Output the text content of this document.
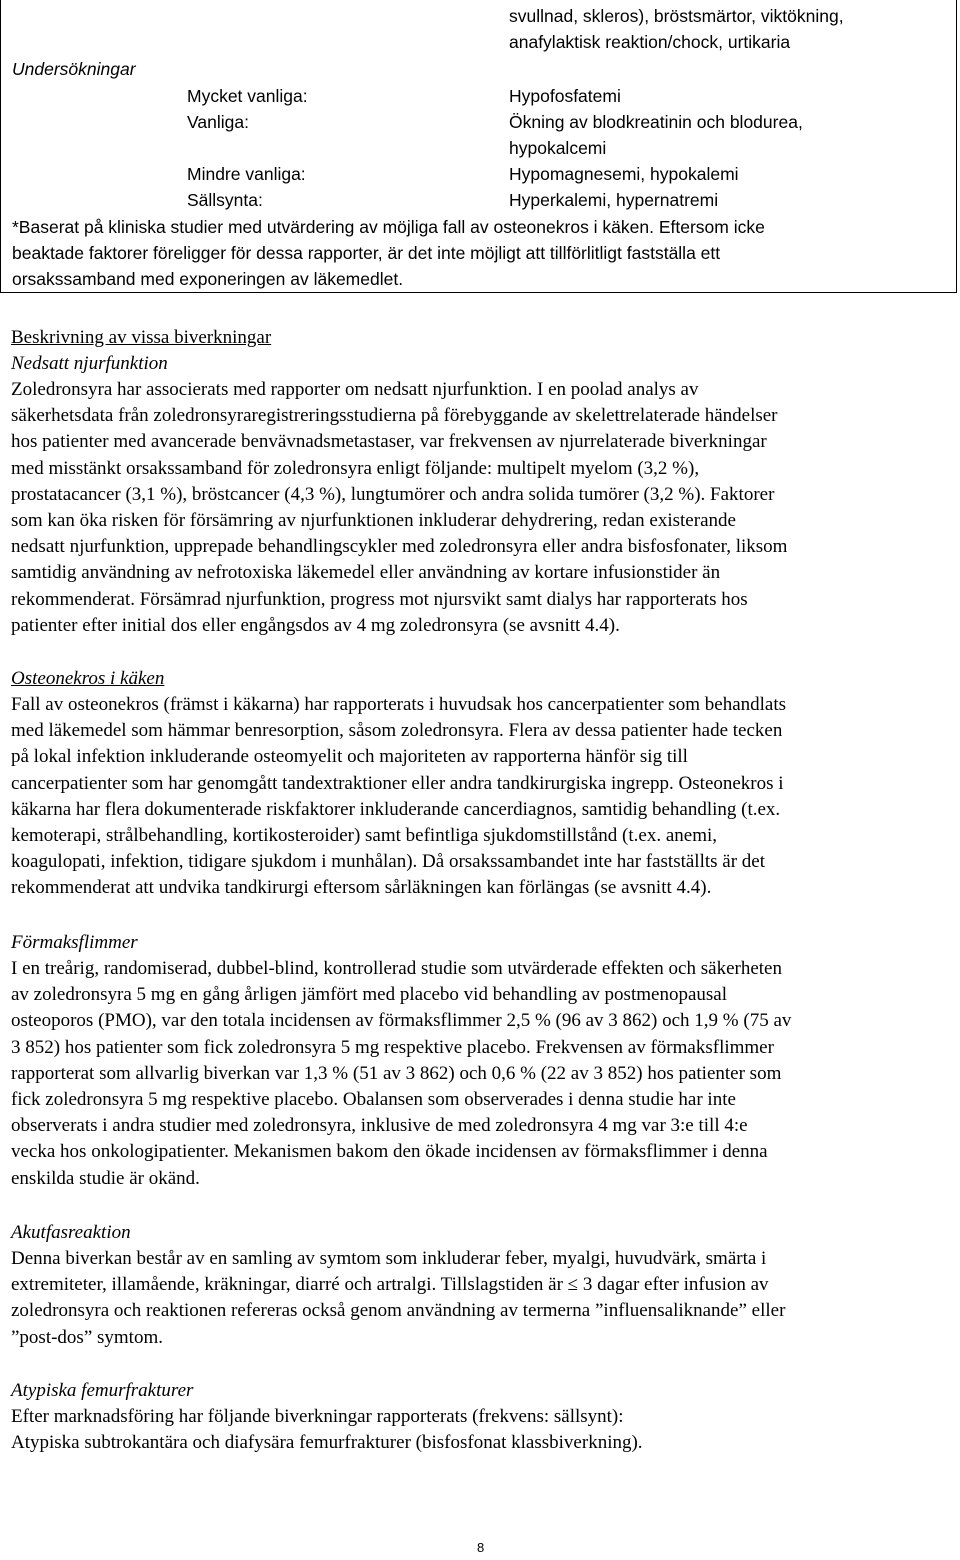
svullnad, skleros), bröstsmärtor, viktökning,
anafylaktisk reaktion/chock, urtikaria
Undersökningar
Mycket vanliga:	Hypofosfatemi
Vanliga:	Ökning av blodkreatinin och blodurea,
hypokalcemi
Mindre vanliga:	Hypomagnesemi, hypokalemi
Sällsynta:	Hyperkalemi, hypernatremi
*Baserat på kliniska studier med utvärdering av möjliga fall av osteonekros i käken. Eftersom icke
beaktade faktorer föreligger för dessa rapporter, är det inte möjligt att tillförlitligt fastställa ett
orsakssamband med exponeringen av läkemedlet.
Beskrivning av vissa biverkningar
Nedsatt njurfunktion
Zoledronsyra har associerats med rapporter om nedsatt njurfunktion. I en poolad analys av
säkerhetsdata från zoledronsyraregistreringsstudierna på förebyggande av skelettrelaterade händelser
hos patienter med avancerade benvävnadsmetastaser, var frekvensen av njurrelaterade biverkningar
med misstänkt orsakssamband för zoledronsyra enligt följande: multipelt myelom (3,2 %),
prostatacancer (3,1 %), bröstcancer (4,3 %), lungtumörer och andra solida tumörer (3,2 %). Faktorer
som kan öka risken för försämring av njurfunktionen inkluderar dehydrering, redan existerande
nedsatt njurfunktion, upprepade behandlingscykler med zoledronsyra eller andra bisfosfonater, liksom
samtidig användning av nefrotoxiska läkemedel eller användning av kortare infusionstider än
rekommenderat. Försämrad njurfunktion, progress mot njursvikt samt dialys har rapporterats hos
patienter efter initial dos eller engångsdos av 4 mg zoledronsyra (se avsnitt 4.4).
Osteonekros i käken
Fall av osteonekros (främst i käkarna) har rapporterats i huvudsak hos cancerpatienter som behandlats
med läkemedel som hämmar benresorption, såsom zoledronsyra. Flera av dessa patienter hade tecken
på lokal infektion inkluderande osteomyelit och majoriteten av rapporterna hänför sig till
cancerpatienter som har genomgått tandextraktioner eller andra tandkirurgiska ingrepp. Osteonekros i
käkarna har flera dokumenterade riskfaktorer inkluderande cancerdiagnos, samtidig behandling (t.ex.
kemoterapi, strålbehandling, kortikosteroider) samt befintliga sjukdomstillstånd (t.ex. anemi,
koagulopati, infektion, tidigare sjukdom i munhålan). Då orsakssambandet inte har fastställts är det
rekommenderat att undvika tandkirurgi eftersom sårläkningen kan förlängas (se avsnitt 4.4).
Förmaksflimmer
I en treårig, randomiserad, dubbel-blind, kontrollerad studie som utvärderade effekten och säkerheten
av zoledronsyra 5 mg en gång årligen jämfört med placebo vid behandling av postmenopausal
osteoporos (PMO), var den totala incidensen av förmaksflimmer 2,5 % (96 av 3 862) och 1,9 % (75 av
3 852) hos patienter som fick zoledronsyra 5 mg respektive placebo. Frekvensen av förmaksflimmer
rapporterat som allvarlig biverkan var 1,3 % (51 av 3 862) och 0,6 % (22 av 3 852) hos patienter som
fick zoledronsyra 5 mg respektive placebo. Obalansen som observerades i denna studie har inte
observerats i andra studier med zoledronsyra, inklusive de med zoledronsyra 4 mg var 3:e till 4:e
vecka hos onkologipatienter. Mekanismen bakom den ökade incidensen av förmaksflimmer i denna
enskilda studie är okänd.
Akutfasreaktion
Denna biverkan består av en samling av symtom som inkluderar feber, myalgi, huvudvärk, smärta i
extremiteter, illamående, kräkningar, diarré och artralgi. Tillslagstiden är ≤ 3 dagar efter infusion av
zoledronsyra och reaktionen refereras också genom användning av termerna ”influensaliknande” eller
”post-dos” symtom.
Atypiska femurfrakturer
Efter marknadsföring har följande biverkningar rapporterats (frekvens: sällsynt):
Atypiska subtrokantära och diafysära femurfrakturer (bisfosfonat klassbiverkning).
8
